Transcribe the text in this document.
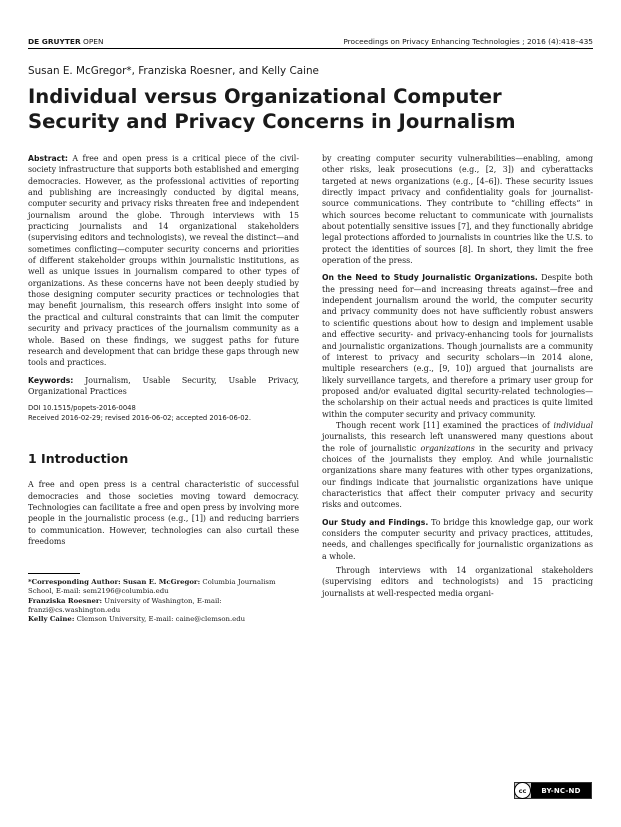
DE GRUYTER OPEN	Proceedings on Privacy Enhancing Technologies ; 2016 (4):418–435
Susan E. McGregor*, Franziska Roesner, and Kelly Caine
Individual versus Organizational Computer Security and Privacy Concerns in Journalism

Abstract: A free and open press is a critical piece of the civil-society infrastructure that supports both established and emerging democracies. However, as the professional activities of reporting and publishing are increasingly conducted by digital means, computer security and privacy risks threaten free and independent journalism around the globe. Through interviews with 15 practicing journalists and 14 organizational stakeholders (supervising editors and technologists), we reveal the distinct—and sometimes conflicting—computer security concerns and priorities of different stakeholder groups within journalistic institutions, as well as unique issues in journalism compared to other types of organizations. As these concerns have not been deeply studied by those designing computer security practices or technologies that may benefit journalism, this research offers insight into some of the practical and cultural constraints that can limit the computer security and privacy practices of the journalism community as a whole. Based on these findings, we suggest paths for future research and development that can bridge these gaps through new tools and practices.

Keywords: Journalism, Usable Security, Usable Privacy, Organizational Practices

DOI 10.1515/popets-2016-0048

Received 2016-02-29; revised 2016-06-02; accepted 2016-06-02.

1 Introduction

A free and open press is a central characteristic of successful democracies and those societies moving toward democracy. Technologies can facilitate a free and open press by involving more people in the journalistic process (e.g., [1]) and reducing barriers to communication. However, technologies can also curtail these freedoms

*Corresponding Author: Susan E. McGregor: Columbia Journalism School, E-mail: sem2196@columbia.edu

Franziska Roesner: University of Washington, E-mail: franzi@cs.washington.edu

Kelly Caine: Clemson University, E-mail: caine@clemson.edu

by creating computer security vulnerabilities—enabling, among other risks, leak prosecutions (e.g., [2, 3]) and cyberattacks targeted at news organizations (e.g., [4–6]). These security issues directly impact privacy and confidentiality goals for journalist-source communications. They contribute to “chilling effects” in which sources become reluctant to communicate with journalists about potentially sensitive issues [7], and they functionally abridge legal protections afforded to journalists in countries like the U.S. to protect the identities of sources [8]. In short, they limit the free operation of the press.

On the Need to Study Journalistic Organizations. Despite both the pressing need for—and increasing threats against—free and independent journalism around the world, the computer security and privacy community does not have sufficiently robust answers to scientific questions about how to design and implement usable and effective security- and privacy-enhancing tools for journalists and journalistic organizations. Though journalists are a community of interest to privacy and security scholars—in 2014 alone, multiple researchers (e.g., [9, 10]) argued that journalists are likely surveillance targets, and therefore a primary user group for proposed and/or evaluated digital security-related technologies—the scholarship on their actual needs and practices is quite limited within the computer security and privacy community.

Though recent work [11] examined the practices of individual journalists, this research left unanswered many questions about the role of journalistic organizations in the security and privacy choices of the journalists they employ. And while journalistic organizations share many features with other types organizations, our findings indicate that journalistic organizations have unique characteristics that affect their computer privacy and security risks and outcomes.

Our Study and Findings. To bridge this knowledge gap, our work considers the computer security and privacy practices, attitudes, needs, and challenges specifically for journalistic organizations as a whole.

Through interviews with 14 organizational stakeholders (supervising editors and technologists) and 15 practicing journalists at well-respected media organi-

cc	BY-NC-ND
